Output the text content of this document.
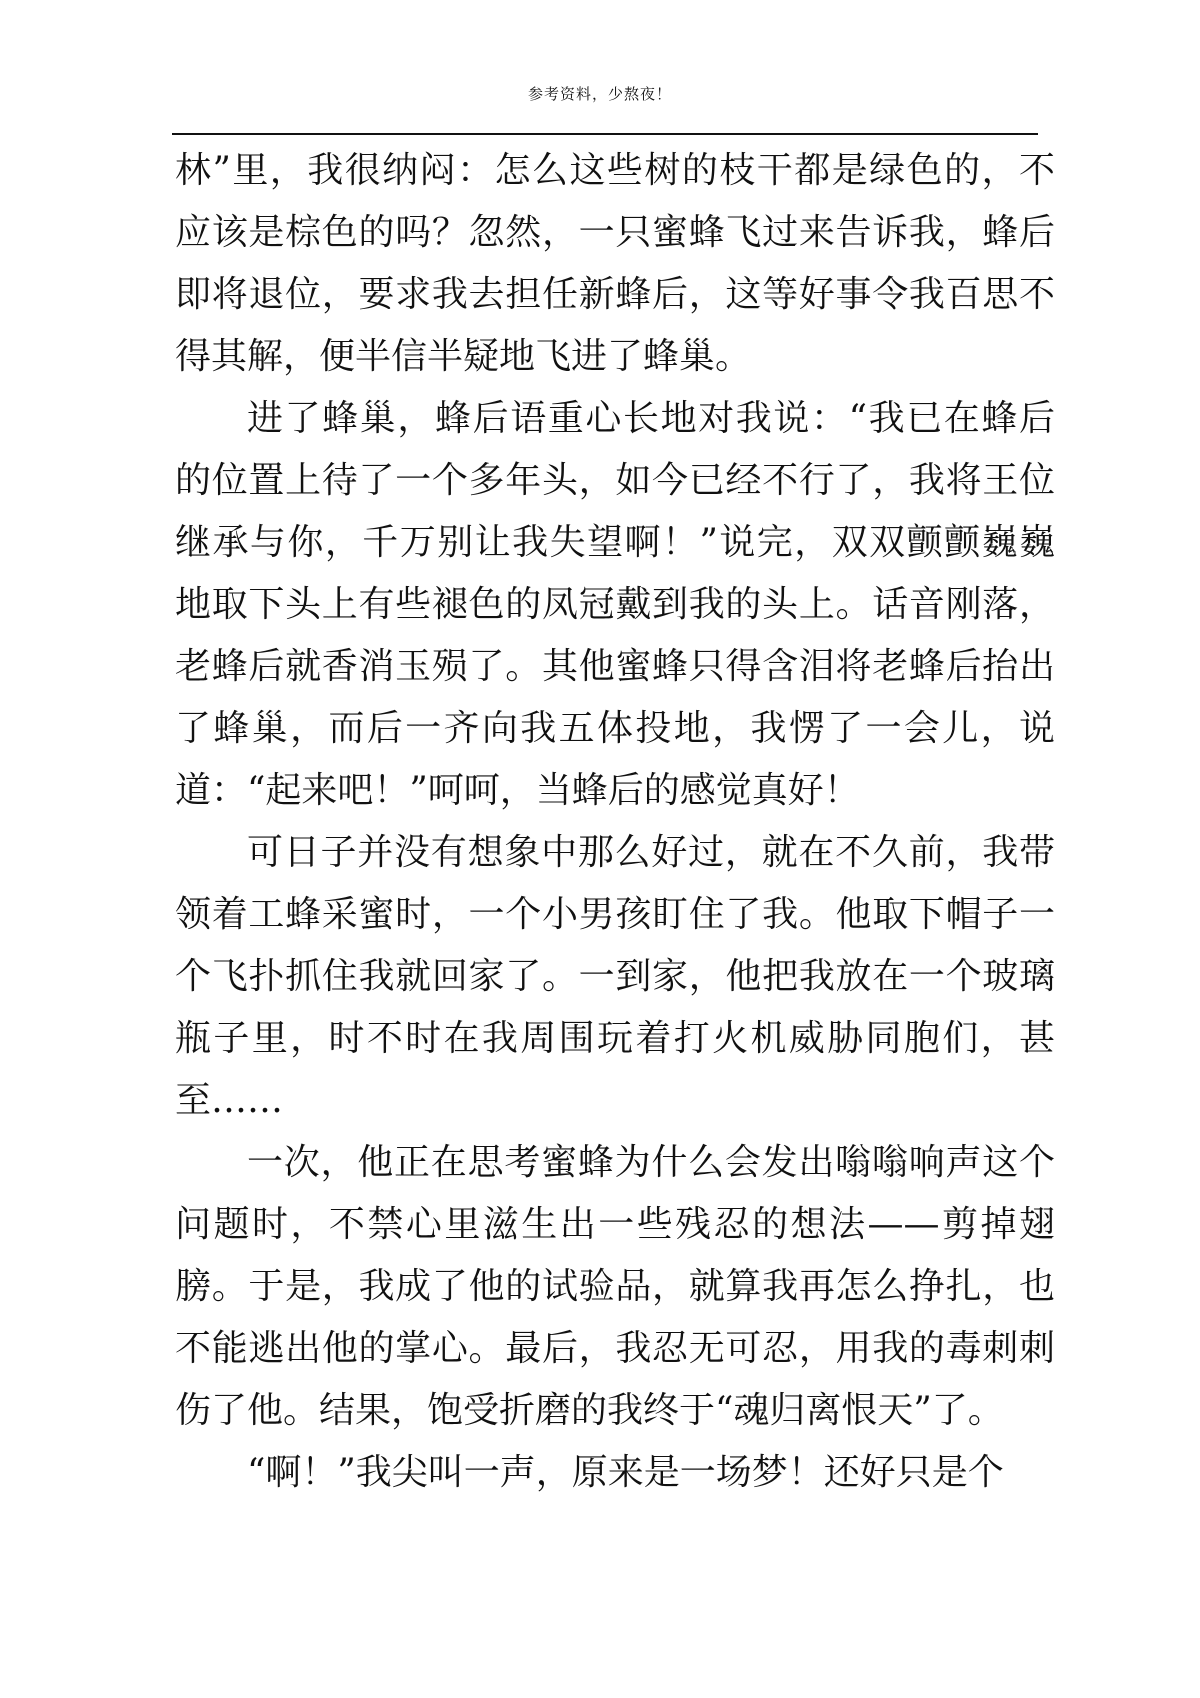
参考资料，少熬夜！

林”里，我很纳闷：怎么这些树的枝干都是绿色的，不应该是棕色的吗？忽然，一只蜜蜂飞过来告诉我，蜂后即将退位，要求我去担任新蜂后，这等好事令我百思不得其解，便半信半疑地飞进了蜂巢。

进了蜂巢，蜂后语重心长地对我说：“我已在蜂后的位置上待了一个多年头，如今已经不行了，我将王位继承与你，千万别让我失望啊！”说完，双双颤颤巍巍地取下头上有些褪色的凤冠戴到我的头上。话音刚落，老蜂后就香消玉殒了。其他蜜蜂只得含泪将老蜂后抬出了蜂巢，而后一齐向我五体投地，我愣了一会儿，说道：“起来吧！”呵呵，当蜂后的感觉真好！

可日子并没有想象中那么好过，就在不久前，我带领着工蜂采蜜时，一个小男孩盯住了我。他取下帽子一个飞扑抓住我就回家了。一到家，他把我放在一个玻璃瓶子里，时不时在我周围玩着打火机威胁同胞们，甚至……

一次，他正在思考蜜蜂为什么会发出嗡嗡响声这个问题时，不禁心里滋生出一些残忍的想法——剪掉翅膀。于是，我成了他的试验品，就算我再怎么挣扎，也不能逃出他的掌心。最后，我忍无可忍，用我的毒刺刺伤了他。结果，饱受折磨的我终于“魂归离恨天”了。

“啊！”我尖叫一声，原来是一场梦！还好只是个
